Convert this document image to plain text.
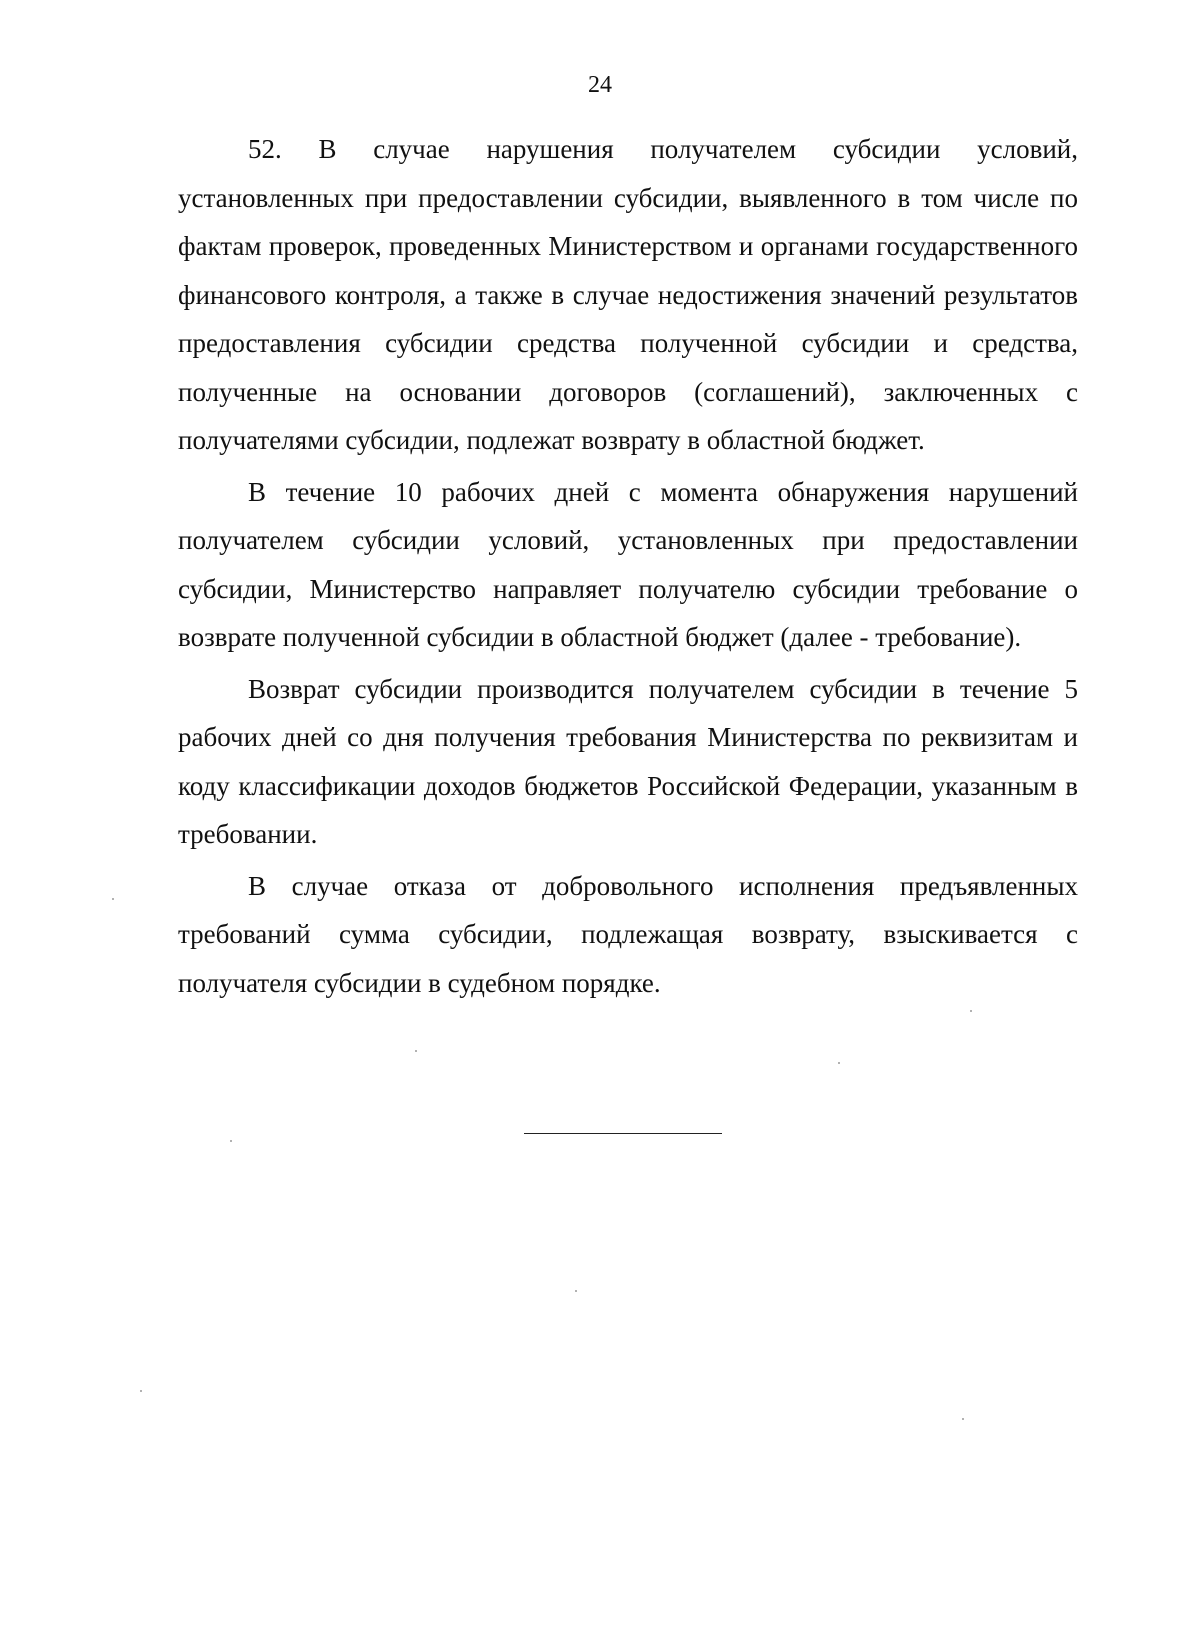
24

52. В случае нарушения получателем субсидии условий, установленных при предоставлении субсидии, выявленного в том числе по фактам проверок, проведенных Министерством и органами государственного финансового контроля, а также в случае недостижения значений результатов предоставления субсидии средства полученной субсидии и средства, полученные на основании договоров (соглашений), заключенных с получателями субсидии, подлежат возврату в областной бюджет.

В течение 10 рабочих дней с момента обнаружения нарушений получателем субсидии условий, установленных при предоставлении субсидии, Министерство направляет получателю субсидии требование о возврате полученной субсидии в областной бюджет (далее - требование).

Возврат субсидии производится получателем субсидии в течение 5 рабочих дней со дня получения требования Министерства по реквизитам и коду классификации доходов бюджетов Российской Федерации, указанным в требовании.

В случае отказа от добровольного исполнения предъявленных требований сумма субсидии, подлежащая возврату, взыскивается с получателя субсидии в судебном порядке.
